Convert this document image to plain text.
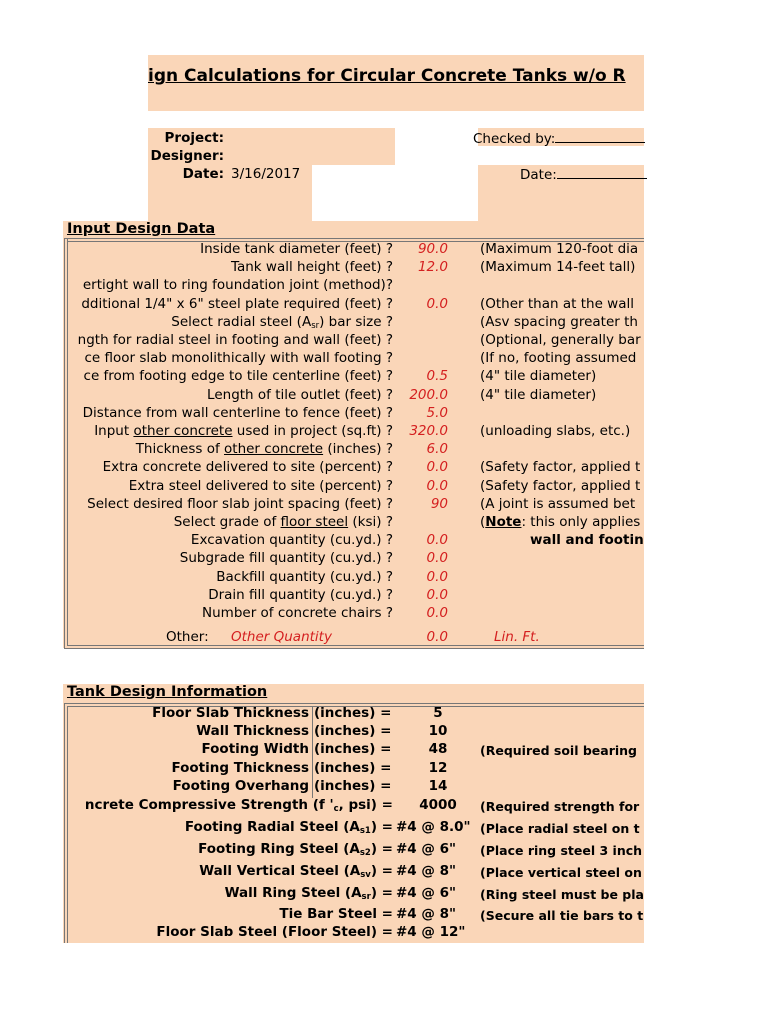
ign Calculations for Circular Concrete Tanks w/o R
Project:
Designer:
Date: 3/16/2017
Checked by:
Date:
Input Design Data
Inside tank diameter (feet) ?	90.0 (Maximum 120-foot dia
Tank wall height (feet) ?	12.0 (Maximum 14-feet tall)
ertight wall to ring foundation joint (method)?
dditional 1/4" x 6" steel plate required (feet) ?	0.0 (Other than at the wall
Select radial steel $(A_{sr})$ bar size ?	(Asv spacing greater th
ngth for radial steel in footing and wall (feet) ?	(Optional, generally bar
ce floor slab monolithically with wall footing ?	(If no, footing assumed
ce from footing edge to tile centerline (feet) ?	0.5 (4" tile diameter)
Length of tile outlet (feet) ?	200.0 (4" tile diameter)
Distance from wall centerline to fence (feet) ?	5.0
Input other concrete used in project (sq.ft) ?	320.0 (unloading slabs, etc.)
Thickness of other concrete (inches) ?	6.0
Extra concrete delivered to site (percent) ?	0.0 (Safety factor, applied t
Extra steel delivered to site (percent) ?	0.0 (Safety factor, applied t
Select desired floor slab joint spacing (feet) ?	90 (A joint is assumed bet
Select grade of floor steel (ksi) ?	(Note: this only applies
Excavation quantity (cu.yd.) ?	0.0	wall and footin
Subgrade fill quantity (cu.yd.) ?	0.0
Backfill quantity (cu.yd.) ?	0.0
Drain fill quantity (cu.yd.) ?	0.0
Number of concrete chairs ?	0.0
Other: Other Quantity	0.0	Lin. Ft.
Tank Design Information
Floor Slab Thickness (inches) =	5
Wall Thickness (inches) =	10
Footing Width (inches) =	48	(Required soil bearing
Footing Thickness (inches) =	12
Footing Overhang (inches) =	14
ncrete Compressive Strength (f '$_c$, psi) =	4000	(Required strength for
Footing Radial Steel $(A_{s1})$ = #4 @ 8.0" (Place radial steel on t
Footing Ring Steel $(A_{s2})$ = #4 @ 6" (Place ring steel 3 inch
Wall Vertical Steel $(A_{sv})$ = #4 @ 8" (Place vertical steel on
Wall Ring Steel $(A_{sr})$ = #4 @ 6" (Ring steel must be pla
Tie Bar Steel = #4 @ 8" (Secure all tie bars to t
Floor Slab Steel (Floor Steel) = #4 @ 12"
